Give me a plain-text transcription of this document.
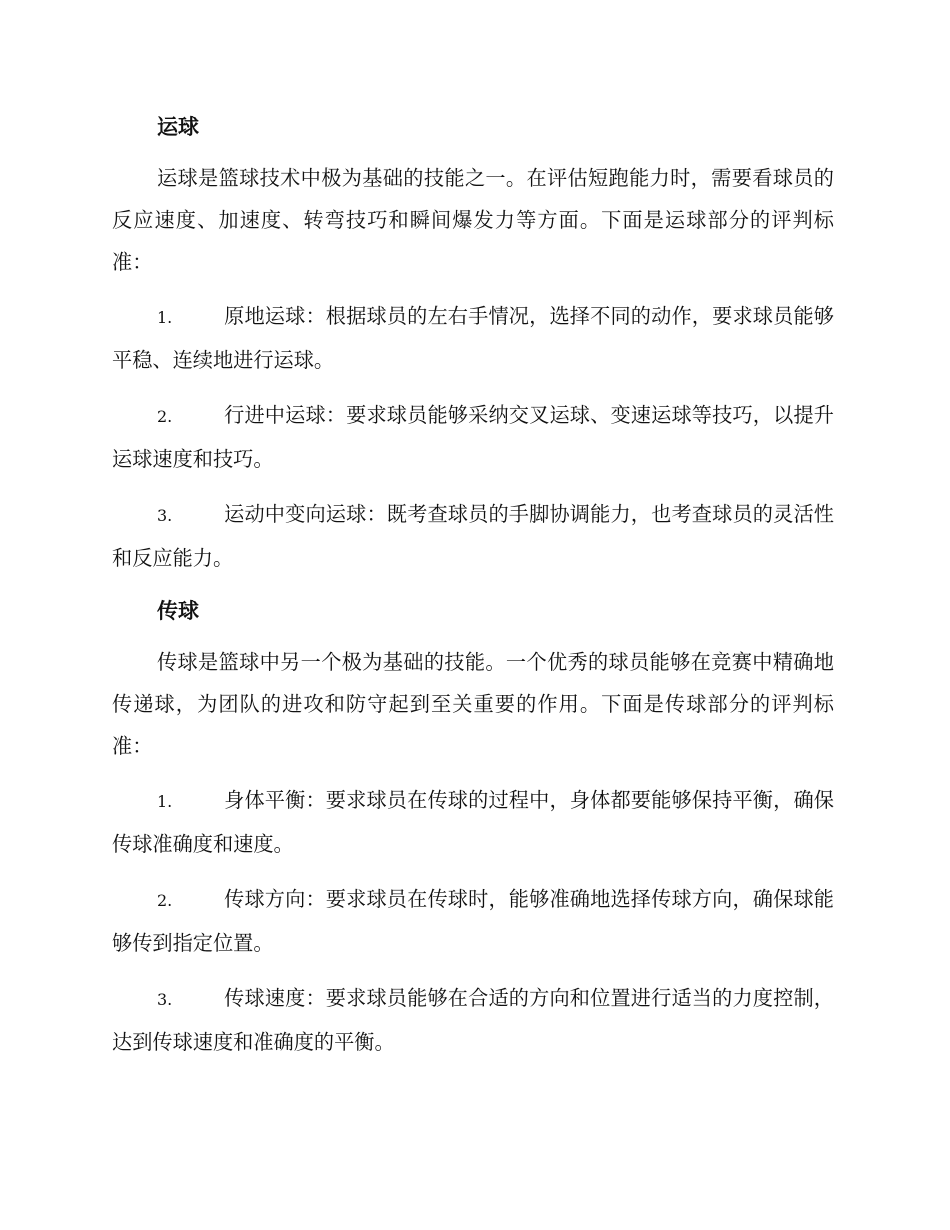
运球

运球是篮球技术中极为基础的技能之一。在评估短跑能力时，需要看球员的反应速度、加速度、转弯技巧和瞬间爆发力等方面。下面是运球部分的评判标准：

1.	原地运球：根据球员的左右手情况，选择不同的动作，要求球员能够平稳、连续地进行运球。
2.	行进中运球：要求球员能够采纳交叉运球、变速运球等技巧，以提升运球速度和技巧。
3.	运动中变向运球：既考查球员的手脚协调能力，也考查球员的灵活性和反应能力。
传球

传球是篮球中另一个极为基础的技能。一个优秀的球员能够在竞赛中精确地传递球，为团队的进攻和防守起到至关重要的作用。下面是传球部分的评判标准：

1.	身体平衡：要求球员在传球的过程中，身体都要能够保持平衡，确保传球准确度和速度。
2.	传球方向：要求球员在传球时，能够准确地选择传球方向，确保球能够传到指定位置。
3.	传球速度：要求球员能够在合适的方向和位置进行适当的力度控制，达到传球速度和准确度的平衡。
